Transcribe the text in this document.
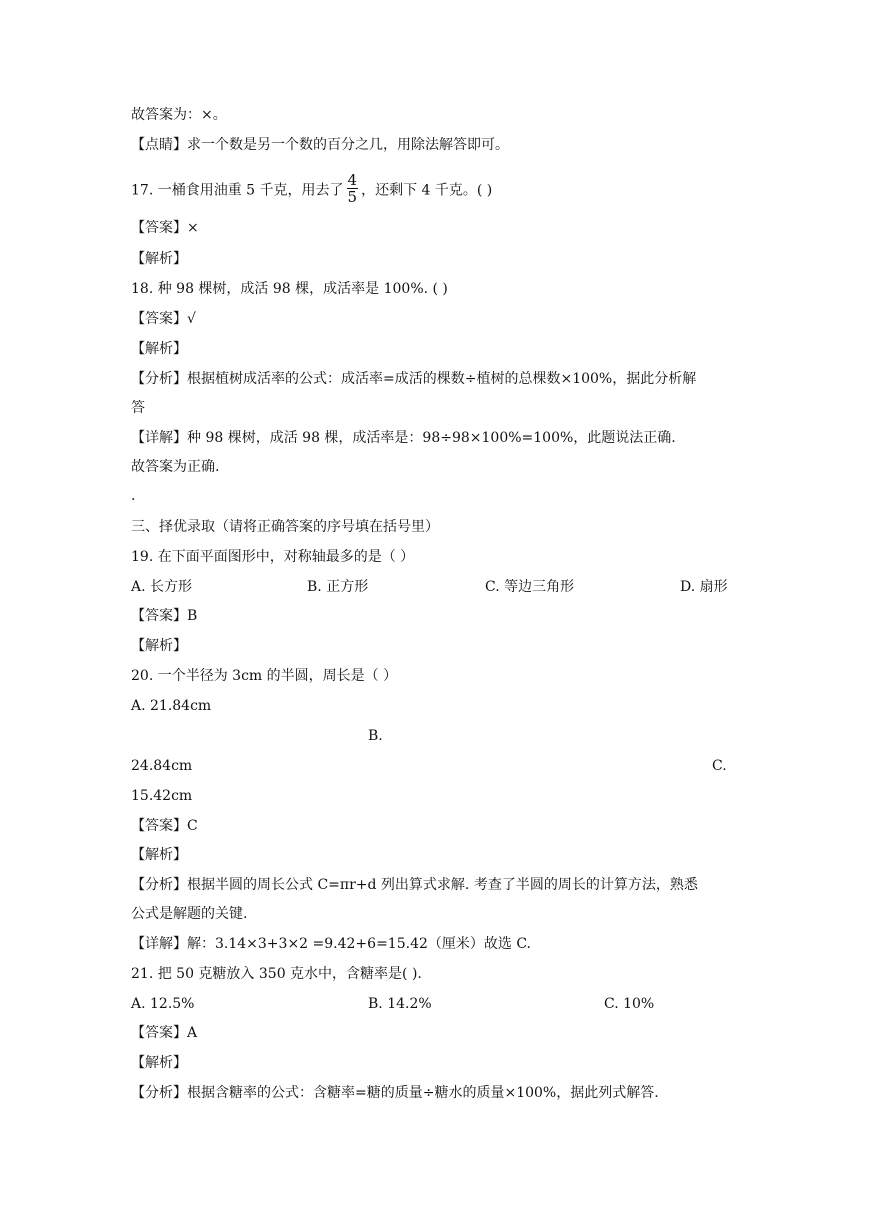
故答案为：×。
【点睛】求一个数是另一个数的百分之几，用除法解答即可。
17. 一桶食用油重 5 千克，用去了 $\frac{4}{5}$ ，还剩下 4 千克。( )
【答案】×
【解析】
18. 种 98 棵树，成活 98 棵，成活率是 100%. ( )
【答案】√
【解析】
【分析】根据植树成活率的公式：成活率=成活的棵数÷植树的总棵数×100%，据此分析解
答
【详解】种 98 棵树，成活 98 棵，成活率是：98÷98×100%=100%，此题说法正确.
故答案为正确.
.
三、择优录取（请将正确答案的序号填在括号里）
19. 在下面平面图形中，对称轴最多的是（ ）
A. 长方形	B. 正方形	C. 等边三角形	D. 扇形
【答案】B
【解析】
20. 一个半径为 3cm 的半圆，周长是（ ）
A. 21.84cm
B.
24.84cm	C.
15.42cm
【答案】C
【解析】
【分析】根据半圆的周长公式 C=πr+d 列出算式求解. 考查了半圆的周长的计算方法，熟悉
公式是解题的关键.
【详解】解：3.14×3+3×2 =9.42+6=15.42（厘米）故选 C.
21. 把 50 克糖放入 350 克水中，含糖率是( ).
A. 12.5%	B. 14.2%	C. 10%
【答案】A
【解析】
【分析】根据含糖率的公式：含糖率=糖的质量÷糖水的质量×100%，据此列式解答.
